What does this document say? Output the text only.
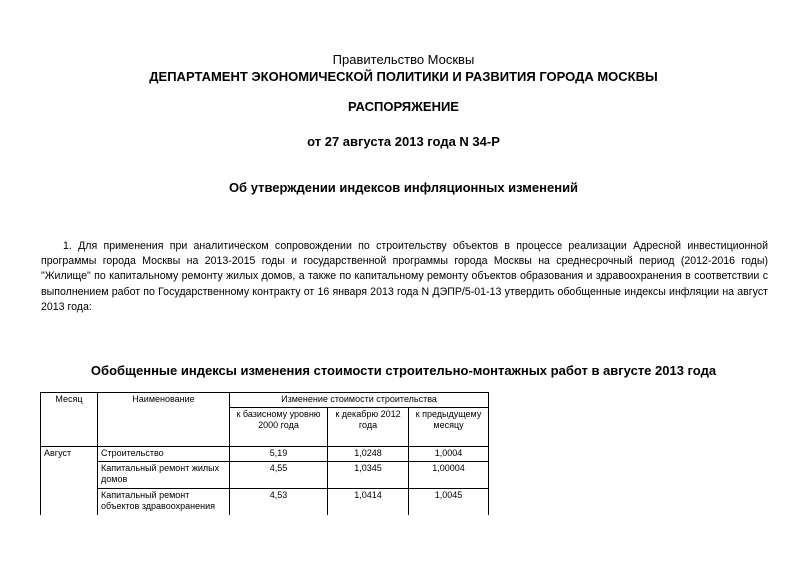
Правительство Москвы
ДЕПАРТАМЕНТ ЭКОНОМИЧЕСКОЙ ПОЛИТИКИ И РАЗВИТИЯ ГОРОДА МОСКВЫ
РАСПОРЯЖЕНИЕ
от 27 августа 2013 года N 34-Р
Об утверждении индексов инфляционных изменений
1. Для применения при аналитическом сопровождении по строительству объектов в процессе реализации Адресной инвестиционной программы города Москвы на 2013-2015 годы и государственной программы города Москвы на среднесрочный период (2012-2016 годы) "Жилище" по капитальному ремонту жилых домов, а также по капитальному ремонту объектов образования и здравоохранения в соответствии с выполнением работ по Государственному контракту от 16 января 2013 года N ДЭПР/5-01-13 утвердить обобщенные индексы инфляции на август 2013 года:
Обобщенные индексы изменения стоимости строительно-монтажных работ в августе 2013 года
Месяц	Наименование	Изменение стоимости строительства		
		к базисному уровню 2000 года	к декабрю 2012 года	к предыдущему месяцу
Август	Строительство	5,19	1,0248	1,0004
	Капитальный ремонт жилых домов	4,55	1,0345	1,00004
	Капитальный ремонт объектов здравоохранения	4,53	1,0414	1,0045
